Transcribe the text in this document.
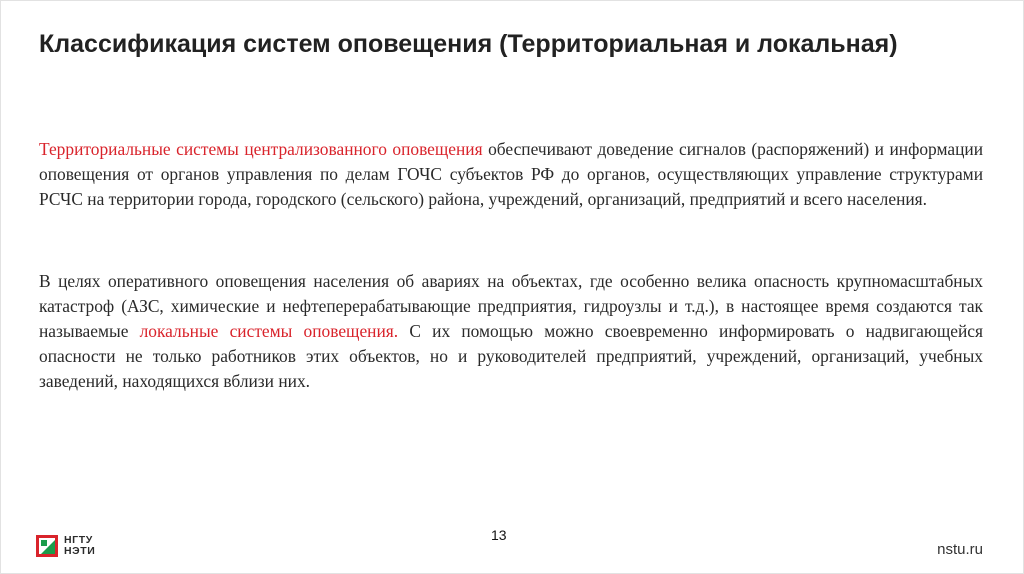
Классификация систем оповещения (Территориальная и локальная)
Территориальные системы централизованного оповещения обеспечивают доведение сигналов (распоряжений) и информации оповещения от органов управления по делам ГОЧС субъектов РФ до органов, осуществляющих управление структурами РСЧС на территории города, городского (сельского) района, учреждений, организаций, предприятий и всего населения.
В целях оперативного оповещения населения об авариях на объектах, где особенно велика опасность крупномасштабных катастроф (АЗС, химические и нефтеперерабатывающие предприятия, гидроузлы и т.д.), в настоящее время создаются так называемые локальные системы оповещения. С их помощью можно своевременно информировать о надвигающейся опасности не только работников этих объектов, но и руководителей предприятий, учреждений, организаций, учебных заведений, находящихся вблизи них.
13
НГТУ
НЭТИ	nstu.ru
